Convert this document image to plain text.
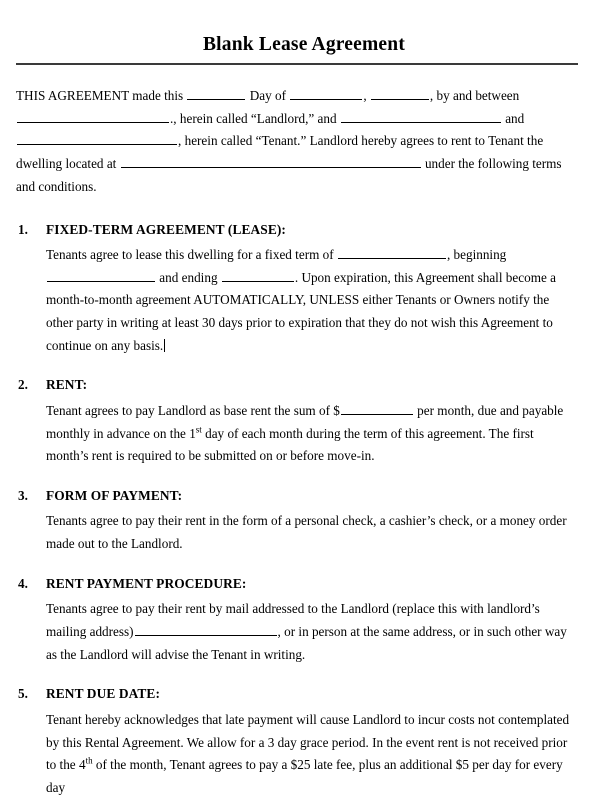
Blank Lease Agreement

THIS AGREEMENT made this	Day of	,	, by and between ., herein called “Landlord,” and	and , herein called “Tenant.” Landlord hereby agrees to rent to Tenant the dwelling located at	under the following terms and conditions.

1.	FIXED-TERM AGREEMENT (LEASE):

Tenants agree to lease this dwelling for a fixed term of	, beginning  and ending	. Upon expiration, this Agreement shall become a month-to-month agreement AUTOMATICALLY, UNLESS either Tenants or Owners notify the other party in writing at least 30 days prior to expiration that they do not wish this Agreement to continue on any basis.

2.	RENT:

Tenant agrees to pay Landlord as base rent the sum of $	per month, due and payable monthly in advance on the 1st day of each month during the term of this agreement. The first month’s rent is required to be submitted on or before move-in.

3.	FORM OF PAYMENT:

Tenants agree to pay their rent in the form of a personal check, a cashier’s check, or a money order made out to the Landlord.

4.	RENT PAYMENT PROCEDURE:

Tenants agree to pay their rent by mail addressed to the Landlord (replace this with landlord’s mailing address)	, or in person at the same address, or in such other way as the Landlord will advise the Tenant in writing.

5.	RENT DUE DATE:

Tenant hereby acknowledges that late payment will cause Landlord to incur costs not contemplated by this Rental Agreement. We allow for a 3 day grace period. In the event rent is not received prior to the 4th of the month, Tenant agrees to pay a $25 late fee, plus an additional $5 per day for every day
